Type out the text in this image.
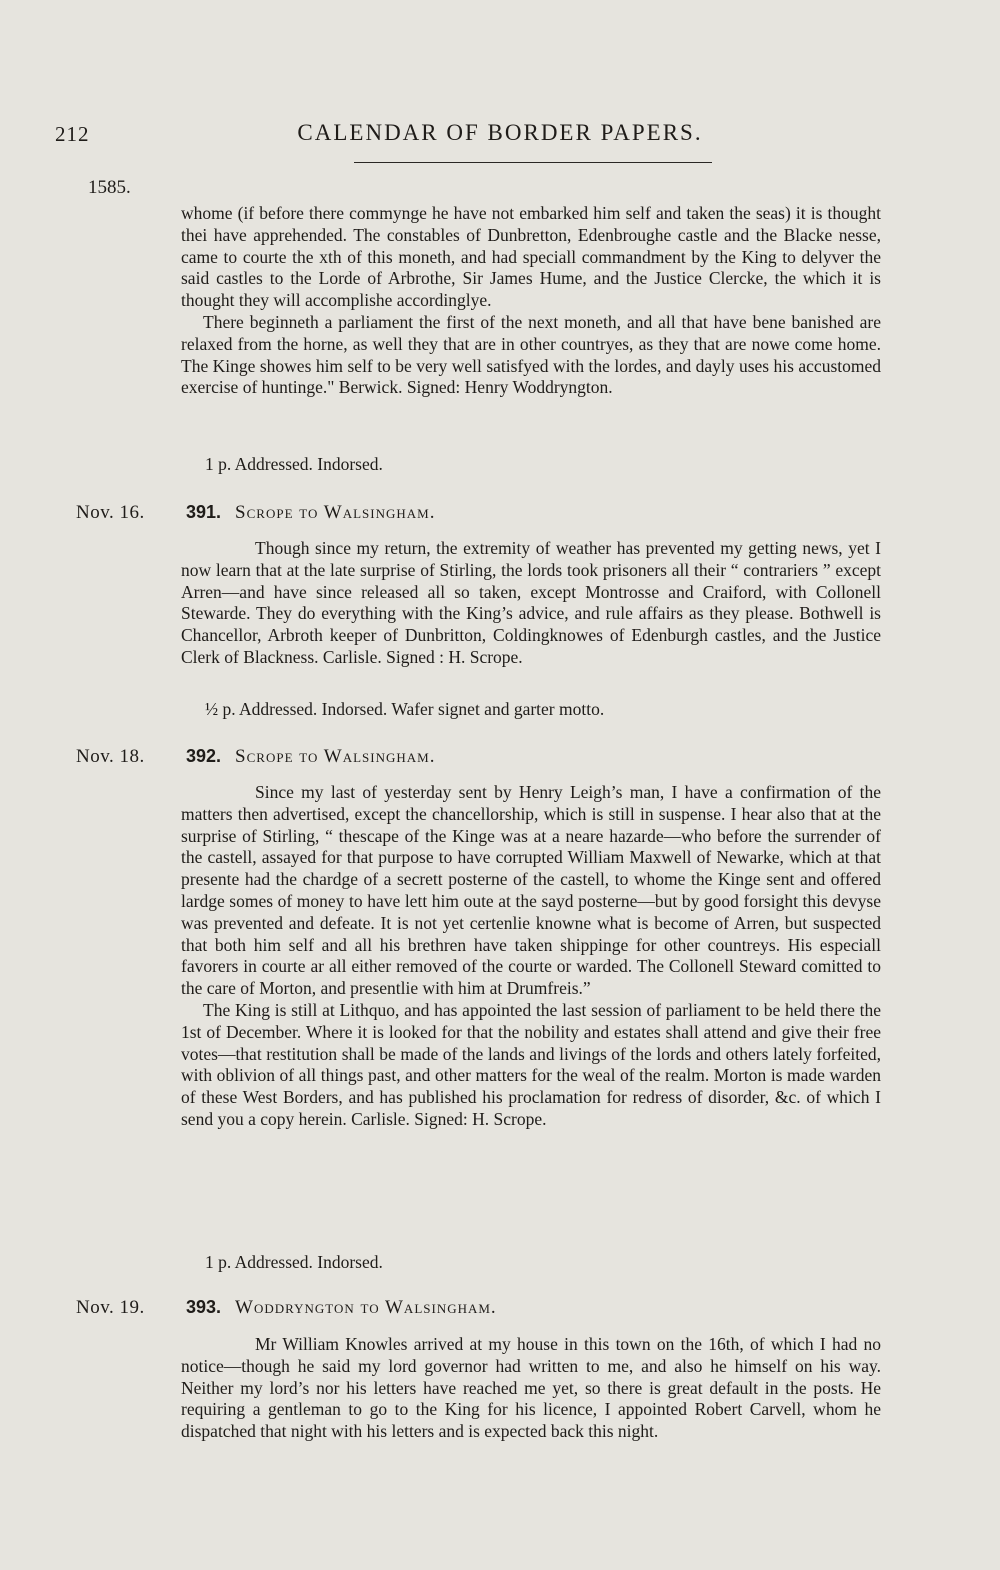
212	CALENDAR OF BORDER PAPERS.
1585.

whome (if before there commynge he have not embarked him self and taken the seas) it is thought thei have apprehended. The constables of Dunbretton, Edenbroughe castle and the Blacke nesse, came to courte the xth of this moneth, and had speciall commandment by the King to delyver the said castles to the Lorde of Arbrothe, Sir James Hume, and the Justice Clercke, the which it is thought they will accomplishe accordinglye.

There beginneth a parliament the first of the next moneth, and all that have bene banished are relaxed from the horne, as well they that are in other countryes, as they that are nowe come home. The Kinge showes him self to be very well satisfyed with the lordes, and dayly uses his accustomed exercise of huntinge." Berwick. Signed: Henry Woddryngton.

1 p. Addressed. Indorsed.
Nov. 16. 391. Scrope to Walsingham.

Though since my return, the extremity of weather has prevented my getting news, yet I now learn that at the late surprise of Stirling, the lords took prisoners all their “ contrariers ” except Arren—and have since released all so taken, except Montrosse and Craiford, with Collonell Stewarde. They do everything with the King’s advice, and rule affairs as they please. Bothwell is Chancellor, Arbroth keeper of Dunbritton, Coldingknowes of Edenburgh castles, and the Justice Clerk of Blackness. Carlisle. Signed : H. Scrope.

½ p. Addressed. Indorsed. Wafer signet and garter motto.
Nov. 18. 392. Scrope to Walsingham.

Since my last of yesterday sent by Henry Leigh’s man, I have a confirmation of the matters then advertised, except the chancellorship, which is still in suspense. I hear also that at the surprise of Stirling, “ thescape of the Kinge was at a neare hazarde—who before the surrender of the castell, assayed for that purpose to have corrupted William Maxwell of Newarke, which at that presente had the chardge of a secrett posterne of the castell, to whome the Kinge sent and offered lardge somes of money to have lett him oute at the sayd posterne—but by good forsight this devyse was prevented and defeate. It is not yet certenlie knowne what is become of Arren, but suspected that both him self and all his brethren have taken shippinge for other countreys. His especiall favorers in courte ar all either removed of the courte or warded. The Collonell Steward comitted to the care of Morton, and presentlie with him at Drumfreis.”

The King is still at Lithquo, and has appointed the last session of parliament to be held there the 1st of December. Where it is looked for that the nobility and estates shall attend and give their free votes—that restitution shall be made of the lands and livings of the lords and others lately forfeited, with oblivion of all things past, and other matters for the weal of the realm. Morton is made warden of these West Borders, and has published his proclamation for redress of disorder, &c. of which I send you a copy herein. Carlisle. Signed: H. Scrope.

1 p. Addressed. Indorsed.
Nov. 19. 393. Woddryngton to Walsingham.

Mr William Knowles arrived at my house in this town on the 16th, of which I had no notice—though he said my lord governor had written to me, and also he himself on his way. Neither my lord’s nor his letters have reached me yet, so there is great default in the posts. He requiring a gentleman to go to the King for his licence, I appointed Robert Carvell, whom he dispatched that night with his letters and is expected back this night.
